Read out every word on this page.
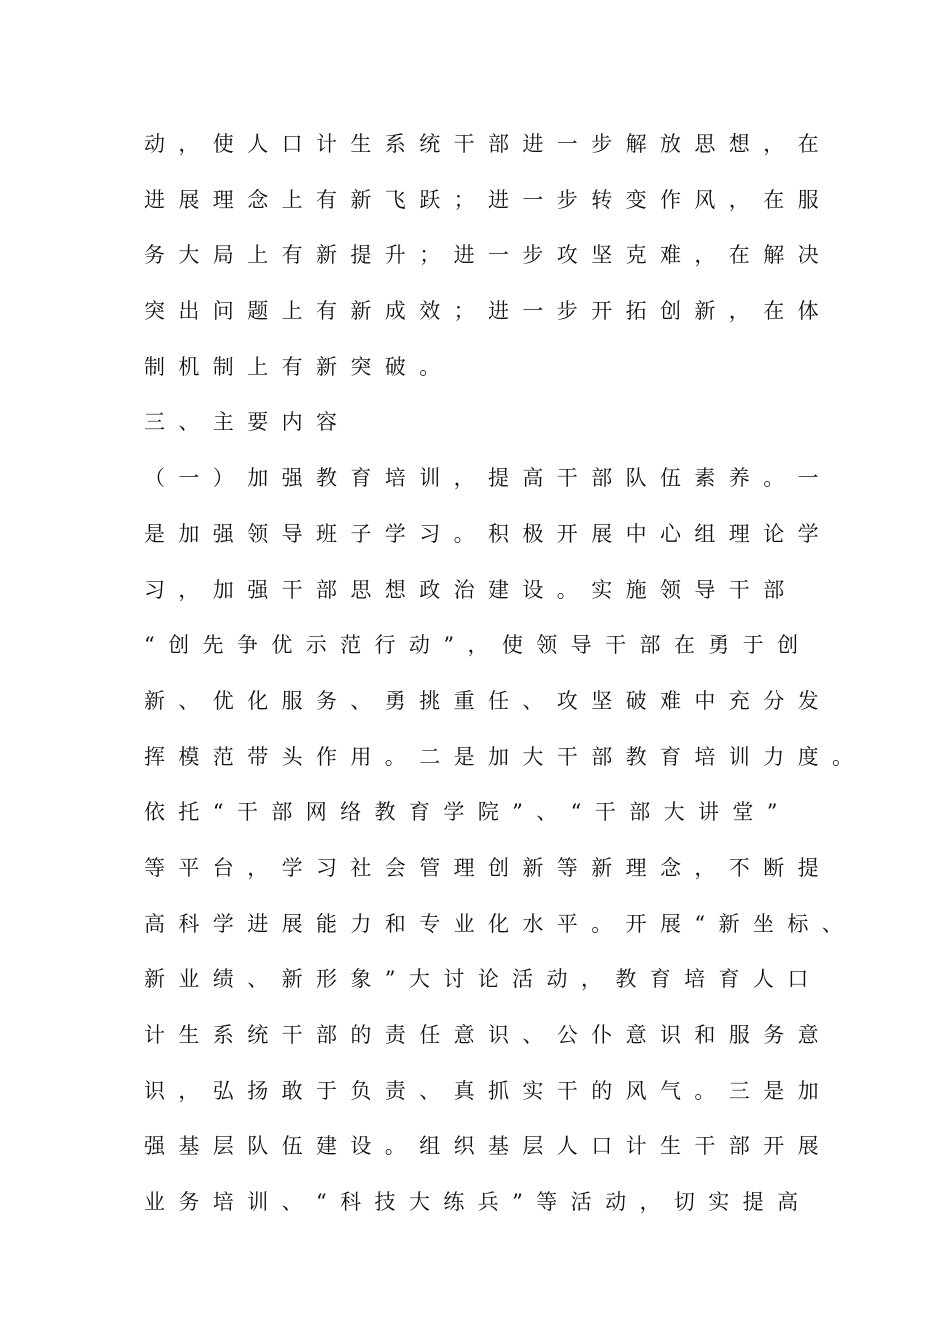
动，使人口计生系统干部进一步解放思想，在
进展理念上有新飞跃；进一步转变作风，在服
务大局上有新提升；进一步攻坚克难，在解决
突出问题上有新成效；进一步开拓创新，在体
制机制上有新突破。
三、主要内容
（一）加强教育培训，提高干部队伍素养。一
是加强领导班子学习。积极开展中心组理论学
习，加强干部思想政治建设。实施领导干部
“创先争优示范行动”，使领导干部在勇于创
新、优化服务、勇挑重任、攻坚破难中充分发
挥模范带头作用。二是加大干部教育培训力度。
依托“干部网络教育学院”、“干部大讲堂”
等平台，学习社会管理创新等新理念，不断提
高科学进展能力和专业化水平。开展“新坐标、
新业绩、新形象”大讨论活动，教育培育人口
计生系统干部的责任意识、公仆意识和服务意
识，弘扬敢于负责、真抓实干的风气。三是加
强基层队伍建设。组织基层人口计生干部开展
业务培训、“科技大练兵”等活动，切实提高
